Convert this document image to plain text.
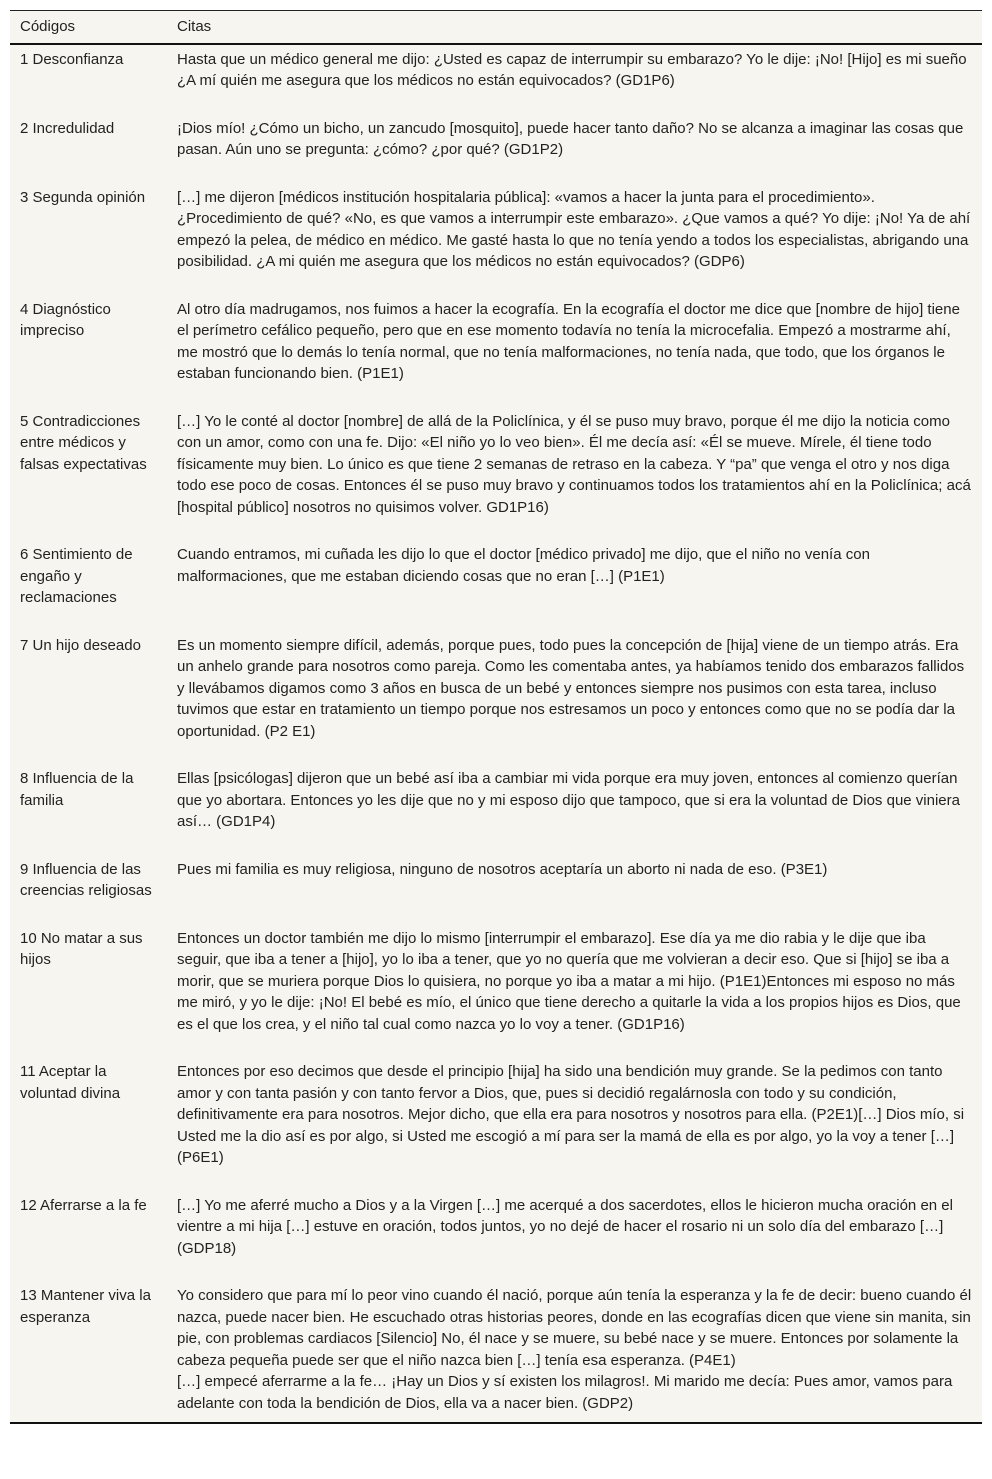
Códigos	Citas
1 Desconfianza	Hasta que un médico general me dijo: ¿Usted es capaz de interrumpir su embarazo? Yo le dije: ¡No! [Hijo] es mi sueño ¿A mí quién me asegura que los médicos no están equivocados? (GD1P6)

2 Incredulidad	¡Dios mío! ¿Cómo un bicho, un zancudo [mosquito], puede hacer tanto daño? No se alcanza a imaginar las cosas que pasan. Aún uno se pregunta: ¿cómo? ¿por qué? (GD1P2)

3 Segunda opinión	[…] me dijeron [médicos institución hospitalaria pública]: «vamos a hacer la junta para el procedimiento». ¿Procedimiento de qué? «No, es que vamos a interrumpir este embarazo». ¿Que vamos a qué? Yo dije: ¡No! Ya de ahí empezó la pelea, de médico en médico. Me gasté hasta lo que no tenía yendo a todos los especialistas, abrigando una posibilidad. ¿A mi quién me asegura que los médicos no están equivocados? (GDP6)

4 Diagnóstico impreciso	Al otro día madrugamos, nos fuimos a hacer la ecografía. En la ecografía el doctor me dice que [nombre de hijo] tiene el perímetro cefálico pequeño, pero que en ese momento todavía no tenía la microcefalia. Empezó a mostrarme ahí, me mostró que lo demás lo tenía normal, que no tenía malformaciones, no tenía nada, que todo, que los órganos le estaban funcionando bien. (P1E1)

5 Contradicciones entre médicos y falsas expectativas	[…] Yo le conté al doctor [nombre] de allá de la Policlínica, y él se puso muy bravo, porque él me dijo la noticia como con un amor, como con una fe. Dijo: «El niño yo lo veo bien». Él me decía así: «Él se mueve. Mírele, él tiene todo físicamente muy bien. Lo único es que tiene 2 semanas de retraso en la cabeza. Y “pa” que venga el otro y nos diga todo ese poco de cosas. Entonces él se puso muy bravo y continuamos todos los tratamientos ahí en la Policlínica; acá [hospital público] nosotros no quisimos volver. GD1P16)

6 Sentimiento de engaño y reclamaciones	Cuando entramos, mi cuñada les dijo lo que el doctor [médico privado] me dijo, que el niño no venía con malformaciones, que me estaban diciendo cosas que no eran […] (P1E1)

7 Un hijo deseado	Es un momento siempre difícil, además, porque pues, todo pues la concepción de [hija] viene de un tiempo atrás. Era un anhelo grande para nosotros como pareja. Como les comentaba antes, ya habíamos tenido dos embarazos fallidos y llevábamos digamos como 3 años en busca de un bebé y entonces siempre nos pusimos con esta tarea, incluso tuvimos que estar en tratamiento un tiempo porque nos estresamos un poco y entonces como que no se podía dar la oportunidad. (P2 E1)

8 Influencia de la familia	Ellas [psicólogas] dijeron que un bebé así iba a cambiar mi vida porque era muy joven, entonces al comienzo querían que yo abortara. Entonces yo les dije que no y mi esposo dijo que tampoco, que si era la voluntad de Dios que viniera así… (GD1P4)

9 Influencia de las creencias religiosas	Pues mi familia es muy religiosa, ninguno de nosotros aceptaría un aborto ni nada de eso. (P3E1)

10 No matar a sus hijos	Entonces un doctor también me dijo lo mismo [interrumpir el embarazo]. Ese día ya me dio rabia y le dije que iba seguir, que iba a tener a [hijo], yo lo iba a tener, que yo no quería que me volvieran a decir eso. Que si [hijo] se iba a morir, que se muriera porque Dios lo quisiera, no porque yo iba a matar a mi hijo. (P1E1)Entonces mi esposo no más me miró, y yo le dije: ¡No! El bebé es mío, el único que tiene derecho a quitarle la vida a los propios hijos es Dios, que es el que los crea, y el niño tal cual como nazca yo lo voy a tener. (GD1P16)

11 Aceptar la voluntad divina	Entonces por eso decimos que desde el principio [hija] ha sido una bendición muy grande. Se la pedimos con tanto amor y con tanta pasión y con tanto fervor a Dios, que, pues si decidió regalárnosla con todo y su condición, definitivamente era para nosotros. Mejor dicho, que ella era para nosotros y nosotros para ella. (P2E1)[…] Dios mío, si Usted me la dio así es por algo, si Usted me escogió a mí para ser la mamá de ella es por algo, yo la voy a tener […] (P6E1)

12 Aferrarse a la fe	[…] Yo me aferré mucho a Dios y a la Virgen […] me acerqué a dos sacerdotes, ellos le hicieron mucha oración en el vientre a mi hija […] estuve en oración, todos juntos, yo no dejé de hacer el rosario ni un solo día del embarazo […] (GDP18)

13 Mantener viva la esperanza	Yo considero que para mí lo peor vino cuando él nació, porque aún tenía la esperanza y la fe de decir: bueno cuando él nazca, puede nacer bien. He escuchado otras historias peores, donde en las ecografías dicen que viene sin manita, sin pie, con problemas cardiacos [Silencio] No, él nace y se muere, su bebé nace y se muere. Entonces por solamente la cabeza pequeña puede ser que el niño nazca bien […] tenía esa esperanza. (P4E1)

[…] empecé aferrarme a la fe… ¡Hay un Dios y sí existen los milagros!. Mi marido me decía: Pues amor, vamos para adelante con toda la bendición de Dios, ella va a nacer bien. (GDP2)
